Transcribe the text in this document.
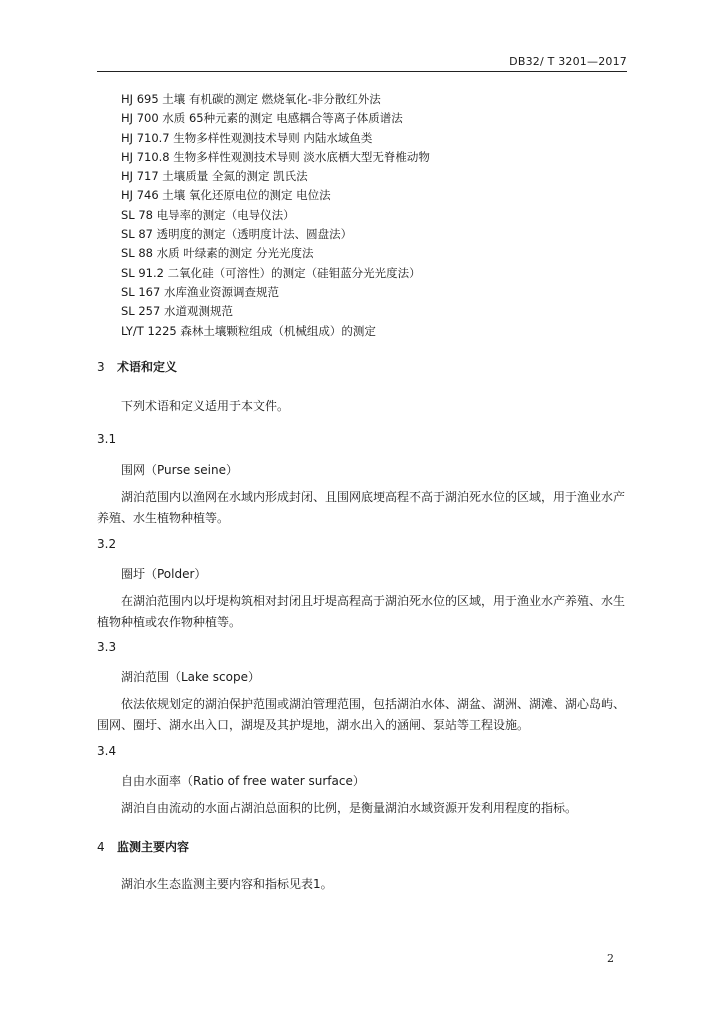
DB32/ T 3201—2017
HJ 695 土壤 有机碳的测定 燃烧氧化-非分散红外法
HJ 700 水质 65种元素的测定 电感耦合等离子体质谱法
HJ 710.7 生物多样性观测技术导则 内陆水域鱼类
HJ 710.8 生物多样性观测技术导则 淡水底栖大型无脊椎动物
HJ 717 土壤质量 全氮的测定 凯氏法
HJ 746 土壤 氧化还原电位的测定 电位法
SL 78 电导率的测定（电导仪法）
SL 87 透明度的测定（透明度计法、圆盘法）
SL 88 水质 叶绿素的测定 分光光度法
SL 91.2 二氧化硅（可溶性）的测定（硅钼蓝分光光度法）
SL 167 水库渔业资源调查规范
SL 257 水道观测规范
LY/T 1225 森林土壤颗粒组成（机械组成）的测定
3 术语和定义
下列术语和定义适用于本文件。
3.1
围网（Purse seine）
湖泊范围内以渔网在水域内形成封闭、且围网底埂高程不高于湖泊死水位的区域，用于渔业水产养殖、水生植物种植等。
3.2
圈圩（Polder）
在湖泊范围内以圩堤构筑相对封闭且圩堤高程高于湖泊死水位的区域，用于渔业水产养殖、水生植物种植或农作物种植等。
3.3
湖泊范围（Lake scope）
依法依规划定的湖泊保护范围或湖泊管理范围，包括湖泊水体、湖盆、湖洲、湖滩、湖心岛屿、围网、圈圩、湖水出入口，湖堤及其护堤地，湖水出入的涵闸、泵站等工程设施。
3.4
自由水面率（Ratio of free water surface）
湖泊自由流动的水面占湖泊总面积的比例，是衡量湖泊水域资源开发利用程度的指标。
4 监测主要内容
湖泊水生态监测主要内容和指标见表1。
2
